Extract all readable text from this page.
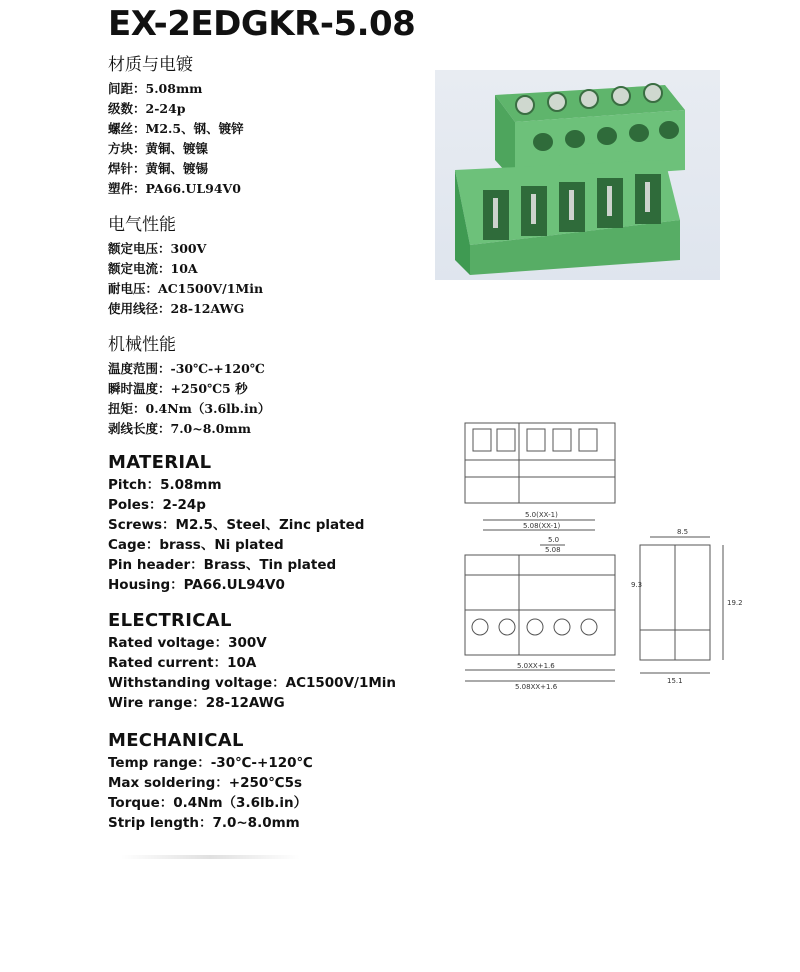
EX-2EDGKR-5.08
材质与电镀
间距：5.08mm
级数：2-24p
螺丝：M2.5、钢、镀锌
方块：黄铜、镀镍
焊针：黄铜、镀锡
塑件：PA66.UL94V0
电气性能
额定电压：300V
额定电流：10A
耐电压：AC1500V/1Min
使用线径：28-12AWG
机械性能
温度范围：-30℃-+120℃
瞬时温度：+250℃5 秒
扭矩：0.4Nm（3.6lb.in）
剥线长度：7.0~8.0mm
MATERIAL
Pitch：5.08mm
Poles：2-24p
Screws：M2.5、Steel、Zinc plated
Cage：brass、Ni plated
Pin header：Brass、Tin plated
Housing：PA66.UL94V0
ELECTRICAL
Rated voltage：300V
Rated current：10A
Withstanding voltage：AC1500V/1Min
Wire range：28-12AWG
MECHANICAL
Temp range：-30℃-+120℃
Max soldering：+250℃5s
Torque：0.4Nm（3.6lb.in）
Strip length：7.0~8.0mm
5.0(XX-1)
5.08(XX-1)
5.0
5.08
5.0XX+1.6
5.08XX+1.6
8.5
9.3
19.2
15.1
